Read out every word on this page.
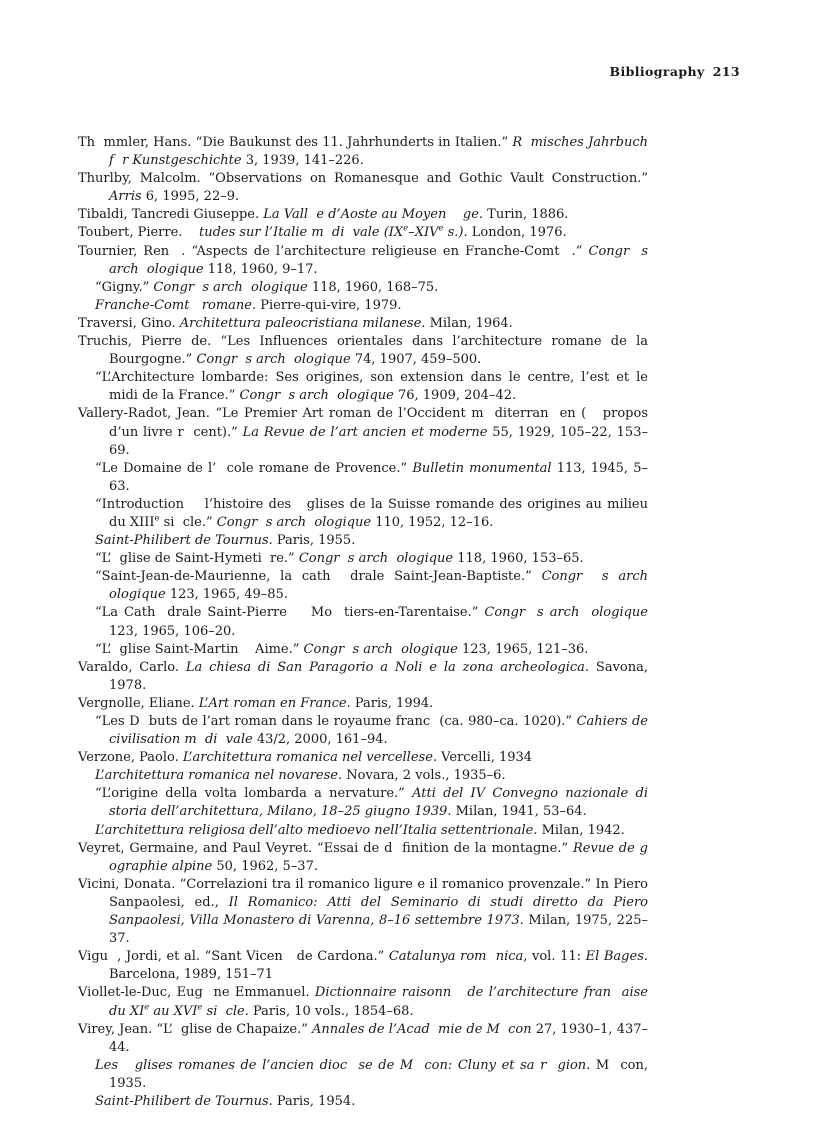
Bibliography 213
Th  mmler, Hans. “Die Baukunst des 11. Jahrhunderts in Italien.” R  misches Jahrbuch f  r Kunstgeschichte 3, 1939, 141–226.
Thurlby, Malcolm. “Observations on Romanesque and Gothic Vault Construction.” Arris 6, 1995, 22–9.
Tibaldi, Tancredi Giuseppe. La Vall  e d’Aoste au Moyen    ge. Turin, 1886.
Toubert, Pierre.    tudes sur l’Italie m  di  vale (IXe–XIVe s.). London, 1976.
Tournier, Ren  . “Aspects de l’architecture religieuse en Franche-Comt  .” Congr  s arch  ologique 118, 1960, 9–17.
“Gigny.” Congr  s arch  ologique 118, 1960, 168–75.
Franche-Comt   romane. Pierre-qui-vire, 1979.
Traversi, Gino. Architettura paleocristiana milanese. Milan, 1964.
Truchis, Pierre de. “Les Influences orientales dans l’architecture romane de la Bourgogne.” Congr  s arch  ologique 74, 1907, 459–500.
“L’Architecture lombarde: Ses origines, son extension dans le centre, l’est et le midi de la France.” Congr  s arch  ologique 76, 1909, 204–42.
Vallery-Radot, Jean. “Le Premier Art roman de l’Occident m  diterran  en (   propos d’un livre r  cent).” La Revue de l’art ancien et moderne 55, 1929, 105–22, 153–69.
“Le Domaine de l’  cole romane de Provence.” Bulletin monumental 113, 1945, 5–63.
“Introduction    l’histoire des   glises de la Suisse romande des origines au milieu du XIIIe si  cle.” Congr  s arch  ologique 110, 1952, 12–16.
Saint-Philibert de Tournus. Paris, 1955.
“L’  glise de Saint-Hymeti  re.” Congr  s arch  ologique 118, 1960, 153–65.
“Saint-Jean-de-Maurienne, la cath  drale Saint-Jean-Baptiste.” Congr  s arch  ologique 123, 1965, 49–85.
“La Cath  drale Saint-Pierre    Mo  tiers-en-Tarentaise.” Congr  s arch  ologique 123, 1965, 106–20.
“L’  glise Saint-Martin    Aime.” Congr  s arch  ologique 123, 1965, 121–36.
Varaldo, Carlo. La chiesa di San Paragorio a Noli e la zona archeologica. Savona, 1978.
Vergnolle, Eliane. L’Art roman en France. Paris, 1994.
“Les D  buts de l’art roman dans le royaume franc  (ca. 980–ca. 1020).” Cahiers de civilisation m  di  vale 43/2, 2000, 161–94.
Verzone, Paolo. L’architettura romanica nel vercellese. Vercelli, 1934
L’architettura romanica nel novarese. Novara, 2 vols., 1935–6.
“L’origine della volta lombarda a nervature.” Atti del IV Convegno nazionale di storia dell’architettura, Milano, 18–25 giugno 1939. Milan, 1941, 53–64.
L’architettura religiosa dell’alto medioevo nell’Italia settentrionale. Milan, 1942.
Veyret, Germaine, and Paul Veyret. “Essai de d  finition de la montagne.” Revue de g  ographie alpine 50, 1962, 5–37.
Vicini, Donata. “Correlazioni tra il romanico ligure e il romanico provenzale.” In Piero Sanpaolesi, ed., Il Romanico: Atti del Seminario di studi diretto da Piero Sanpaolesi, Villa Monastero di Varenna, 8–16 settembre 1973. Milan, 1975, 225–37.
Vigu  , Jordi, et al. “Sant Vicen   de Cardona.” Catalunya rom  nica, vol. 11: El Bages. Barcelona, 1989, 151–71
Viollet-le-Duc, Eug  ne Emmanuel. Dictionnaire raisonn   de l’architecture fran  aise du XIe au XVIe si  cle. Paris, 10 vols., 1854–68.
Virey, Jean. “L’  glise de Chapaize.” Annales de l’Acad  mie de M  con 27, 1930–1, 437–44.
Les   glises romanes de l’ancien dioc  se de M  con: Cluny et sa r  gion. M  con, 1935.
Saint-Philibert de Tournus. Paris, 1954.
